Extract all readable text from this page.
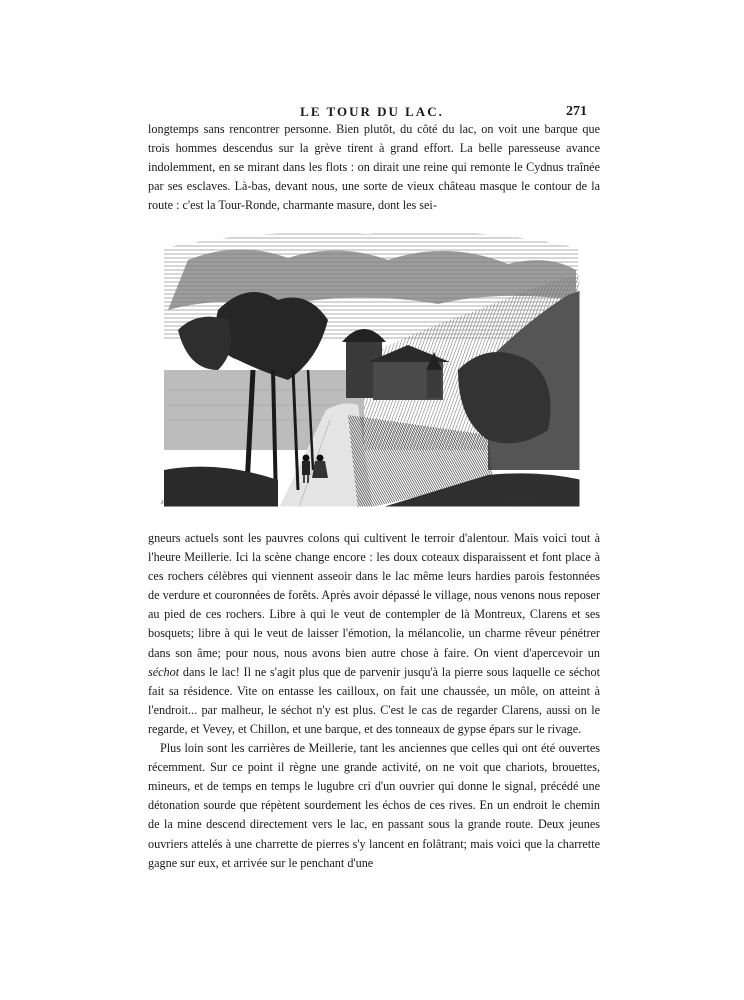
LE TOUR DU LAC.	271

longtemps sans rencontrer personne. Bien plutôt, du côté du lac, on voit une barque que trois hommes descendus sur la grève tirent à grand effort. La belle paresseuse avance indolemment, en se mirant dans les flots : on dirait une reine qui remonte le Cydnus traînée par ses esclaves. Là-bas, devant nous, une sorte de vieux château masque le contour de la route : c'est la Tour-Ronde, charmante masure, dont les sei-

ℳ.	L. LECLÈRE

gneurs actuels sont les pauvres colons qui cultivent le terroir d'alentour. Mais voici tout à l'heure Meillerie. Ici la scène change encore : les doux coteaux disparaissent et font place à ces rochers célèbres qui viennent asseoir dans le lac même leurs hardies parois festonnées de verdure et couronnées de forêts. Après avoir dépassé le village, nous venons nous reposer au pied de ces rochers. Libre à qui le veut de contempler de là Montreux, Clarens et ses bosquets; libre à qui le veut de laisser l'émotion, la mélancolie, un charme rêveur pénétrer dans son âme; pour nous, nous avons bien autre chose à faire. On vient d'apercevoir un séchot dans le lac! Il ne s'agit plus que de parvenir jusqu'à la pierre sous laquelle ce séchot fait sa résidence. Vite on entasse les cailloux, on fait une chaussée, un môle, on atteint à l'endroit... par malheur, le séchot n'y est plus. C'est le cas de regarder Clarens, aussi on le regarde, et Vevey, et Chillon, et une barque, et des tonneaux de gypse épars sur le rivage.

Plus loin sont les carrières de Meillerie, tant les anciennes que celles qui ont été ouvertes récemment. Sur ce point il règne une grande activité, on ne voit que chariots, brouettes, mineurs, et de temps en temps le lugubre cri d'un ouvrier qui donne le signal, précédé une détonation sourde que répètent sourdement les échos de ces rives. En un endroit le chemin de la mine descend directement vers le lac, en passant sous la grande route. Deux jeunes ouvriers attelés à une charrette de pierres s'y lancent en folâtrant; mais voici que la charrette gagne sur eux, et arrivée sur le penchant d'une
